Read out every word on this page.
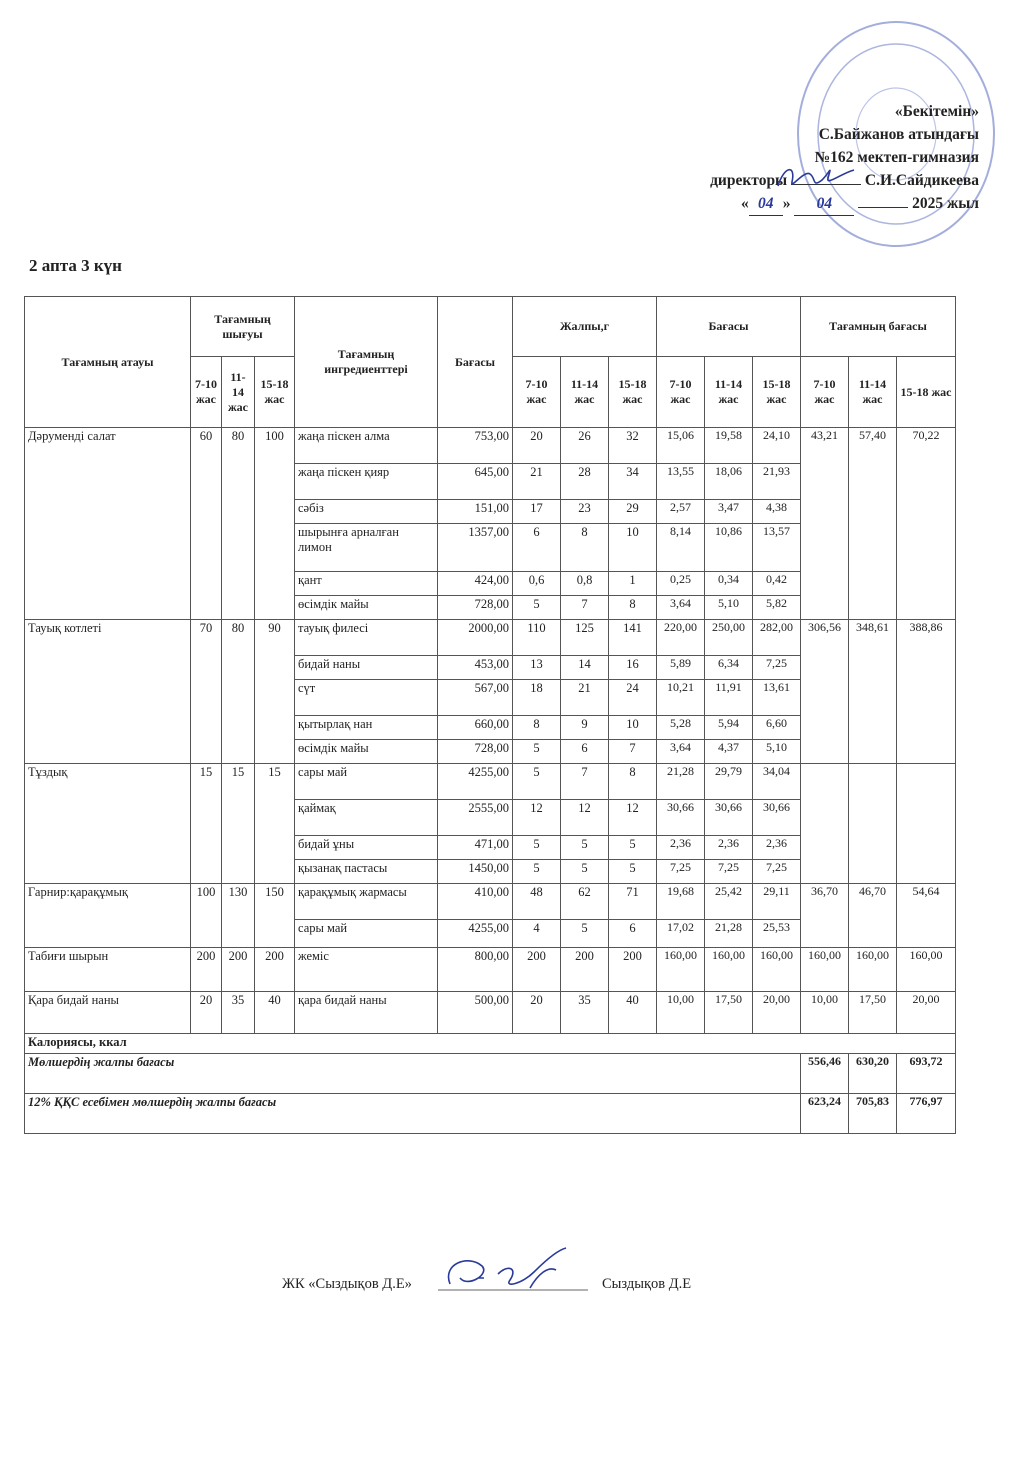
«Бекітемін»
С.Байжанов атындағы
№162 мектеп-гимназия
директоры	С.И.Сайдикеева
« 04 » 04	2025 жыл
2 апта 3 күн
Тағамның атауы	Тағамның шығуы			Тағамның ингредиенттері	Бағасы	Жалпы,г			Бағасы			Тағамның бағасы		
	7-10 жас	11-14 жас	15-18 жас			7-10 жас	11-14 жас	15-18 жас	7-10 жас	11-14 жас	15-18 жас	7-10 жас	11-14 жас	15-18 жас
Дәруменді салат	60	80	100	жаңа піскен алма	753,00	20	26	32	15,06	19,58	24,10	43,21	57,40	70,22
				жаңа піскен қияр	645,00	21	28	34	13,55	18,06	21,93			
				сәбіз	151,00	17	23	29	2,57	3,47	4,38			
				шырынға арналған лимон	1357,00	6	8	10	8,14	10,86	13,57			
				қант	424,00	0,6	0,8	1	0,25	0,34	0,42			
				өсімдік майы	728,00	5	7	8	3,64	5,10	5,82			
Тауық котлеті	70	80	90	тауық филесі	2000,00	110	125	141	220,00	250,00	282,00	306,56	348,61	388,86
				бидай наны	453,00	13	14	16	5,89	6,34	7,25			
				сүт	567,00	18	21	24	10,21	11,91	13,61			
				қытырлақ нан	660,00	8	9	10	5,28	5,94	6,60			
				өсімдік майы	728,00	5	6	7	3,64	4,37	5,10			
Тұздық	15	15	15	сары май	4255,00	5	7	8	21,28	29,79	34,04			
				қаймақ	2555,00	12	12	12	30,66	30,66	30,66			
				бидай ұны	471,00	5	5	5	2,36	2,36	2,36			
				қызанақ пастасы	1450,00	5	5	5	7,25	7,25	7,25			
Гарнир:қарақұмық	100	130	150	қарақұмық жармасы	410,00	48	62	71	19,68	25,42	29,11	36,70	46,70	54,64
				сары май	4255,00	4	5	6	17,02	21,28	25,53			
Табиғи шырын	200	200	200	жеміс	800,00	200	200	200	160,00	160,00	160,00	160,00	160,00	160,00
Қара бидай наны	20	35	40	қара бидай наны	500,00	20	35	40	10,00	17,50	20,00	10,00	17,50	20,00
Калориясы, ккал														
Мөлшердің жалпы бағасы												556,46	630,20	693,72
12% ҚҚС есебімен мөлшердің жалпы бағасы												623,24	705,83	776,97
ЖК «Сыздықов Д.Е»	Сыздықов Д.Е
